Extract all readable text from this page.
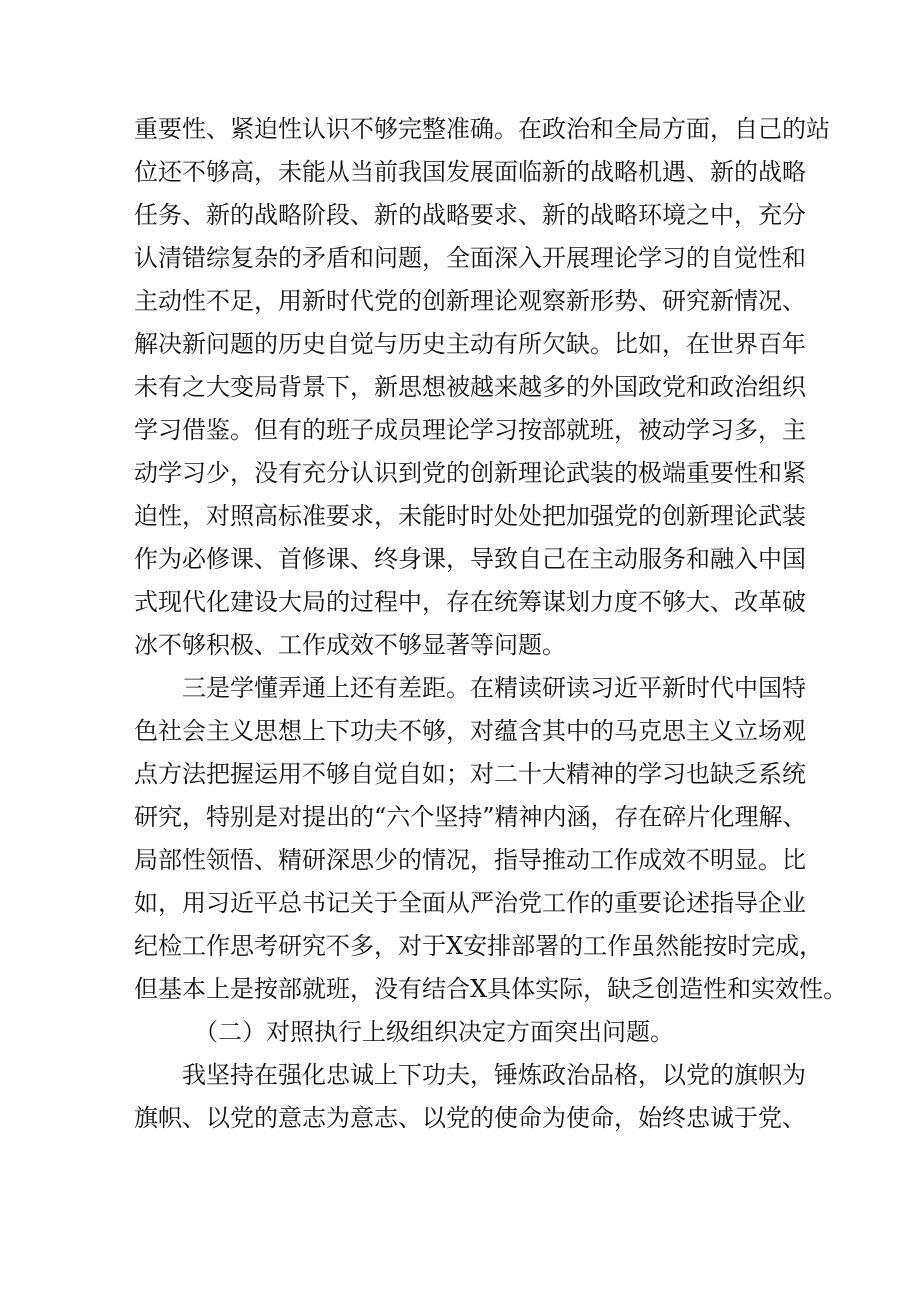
重要性、紧迫性认识不够完整准确。在政治和全局方面，自己的站
位还不够高，未能从当前我国发展面临新的战略机遇、新的战略
任务、新的战略阶段、新的战略要求、新的战略环境之中，充分
认清错综复杂的矛盾和问题，全面深入开展理论学习的自觉性和
主动性不足，用新时代党的创新理论观察新形势、研究新情况、
解决新问题的历史自觉与历史主动有所欠缺。比如，在世界百年
未有之大变局背景下，新思想被越来越多的外国政党和政治组织
学习借鉴。但有的班子成员理论学习按部就班，被动学习多，主
动学习少，没有充分认识到党的创新理论武装的极端重要性和紧
迫性，对照高标准要求，未能时时处处把加强党的创新理论武装
作为必修课、首修课、终身课，导致自己在主动服务和融入中国
式现代化建设大局的过程中，存在统筹谋划力度不够大、改革破
冰不够积极、工作成效不够显著等问题。
三是学懂弄通上还有差距。在精读研读习近平新时代中国特
色社会主义思想上下功夫不够，对蕴含其中的马克思主义立场观
点方法把握运用不够自觉自如；对二十大精神的学习也缺乏系统
研究，特别是对提出的“六个坚持”精神内涵，存在碎片化理解、
局部性领悟、精研深思少的情况，指导推动工作成效不明显。比
如，用习近平总书记关于全面从严治党工作的重要论述指导企业
纪检工作思考研究不多，对于X安排部署的工作虽然能按时完成，
但基本上是按部就班，没有结合X具体实际，缺乏创造性和实效性。
（二）对照执行上级组织决定方面突出问题。
我坚持在强化忠诚上下功夫，锤炼政治品格，以党的旗帜为
旗帜、以党的意志为意志、以党的使命为使命，始终忠诚于党、
